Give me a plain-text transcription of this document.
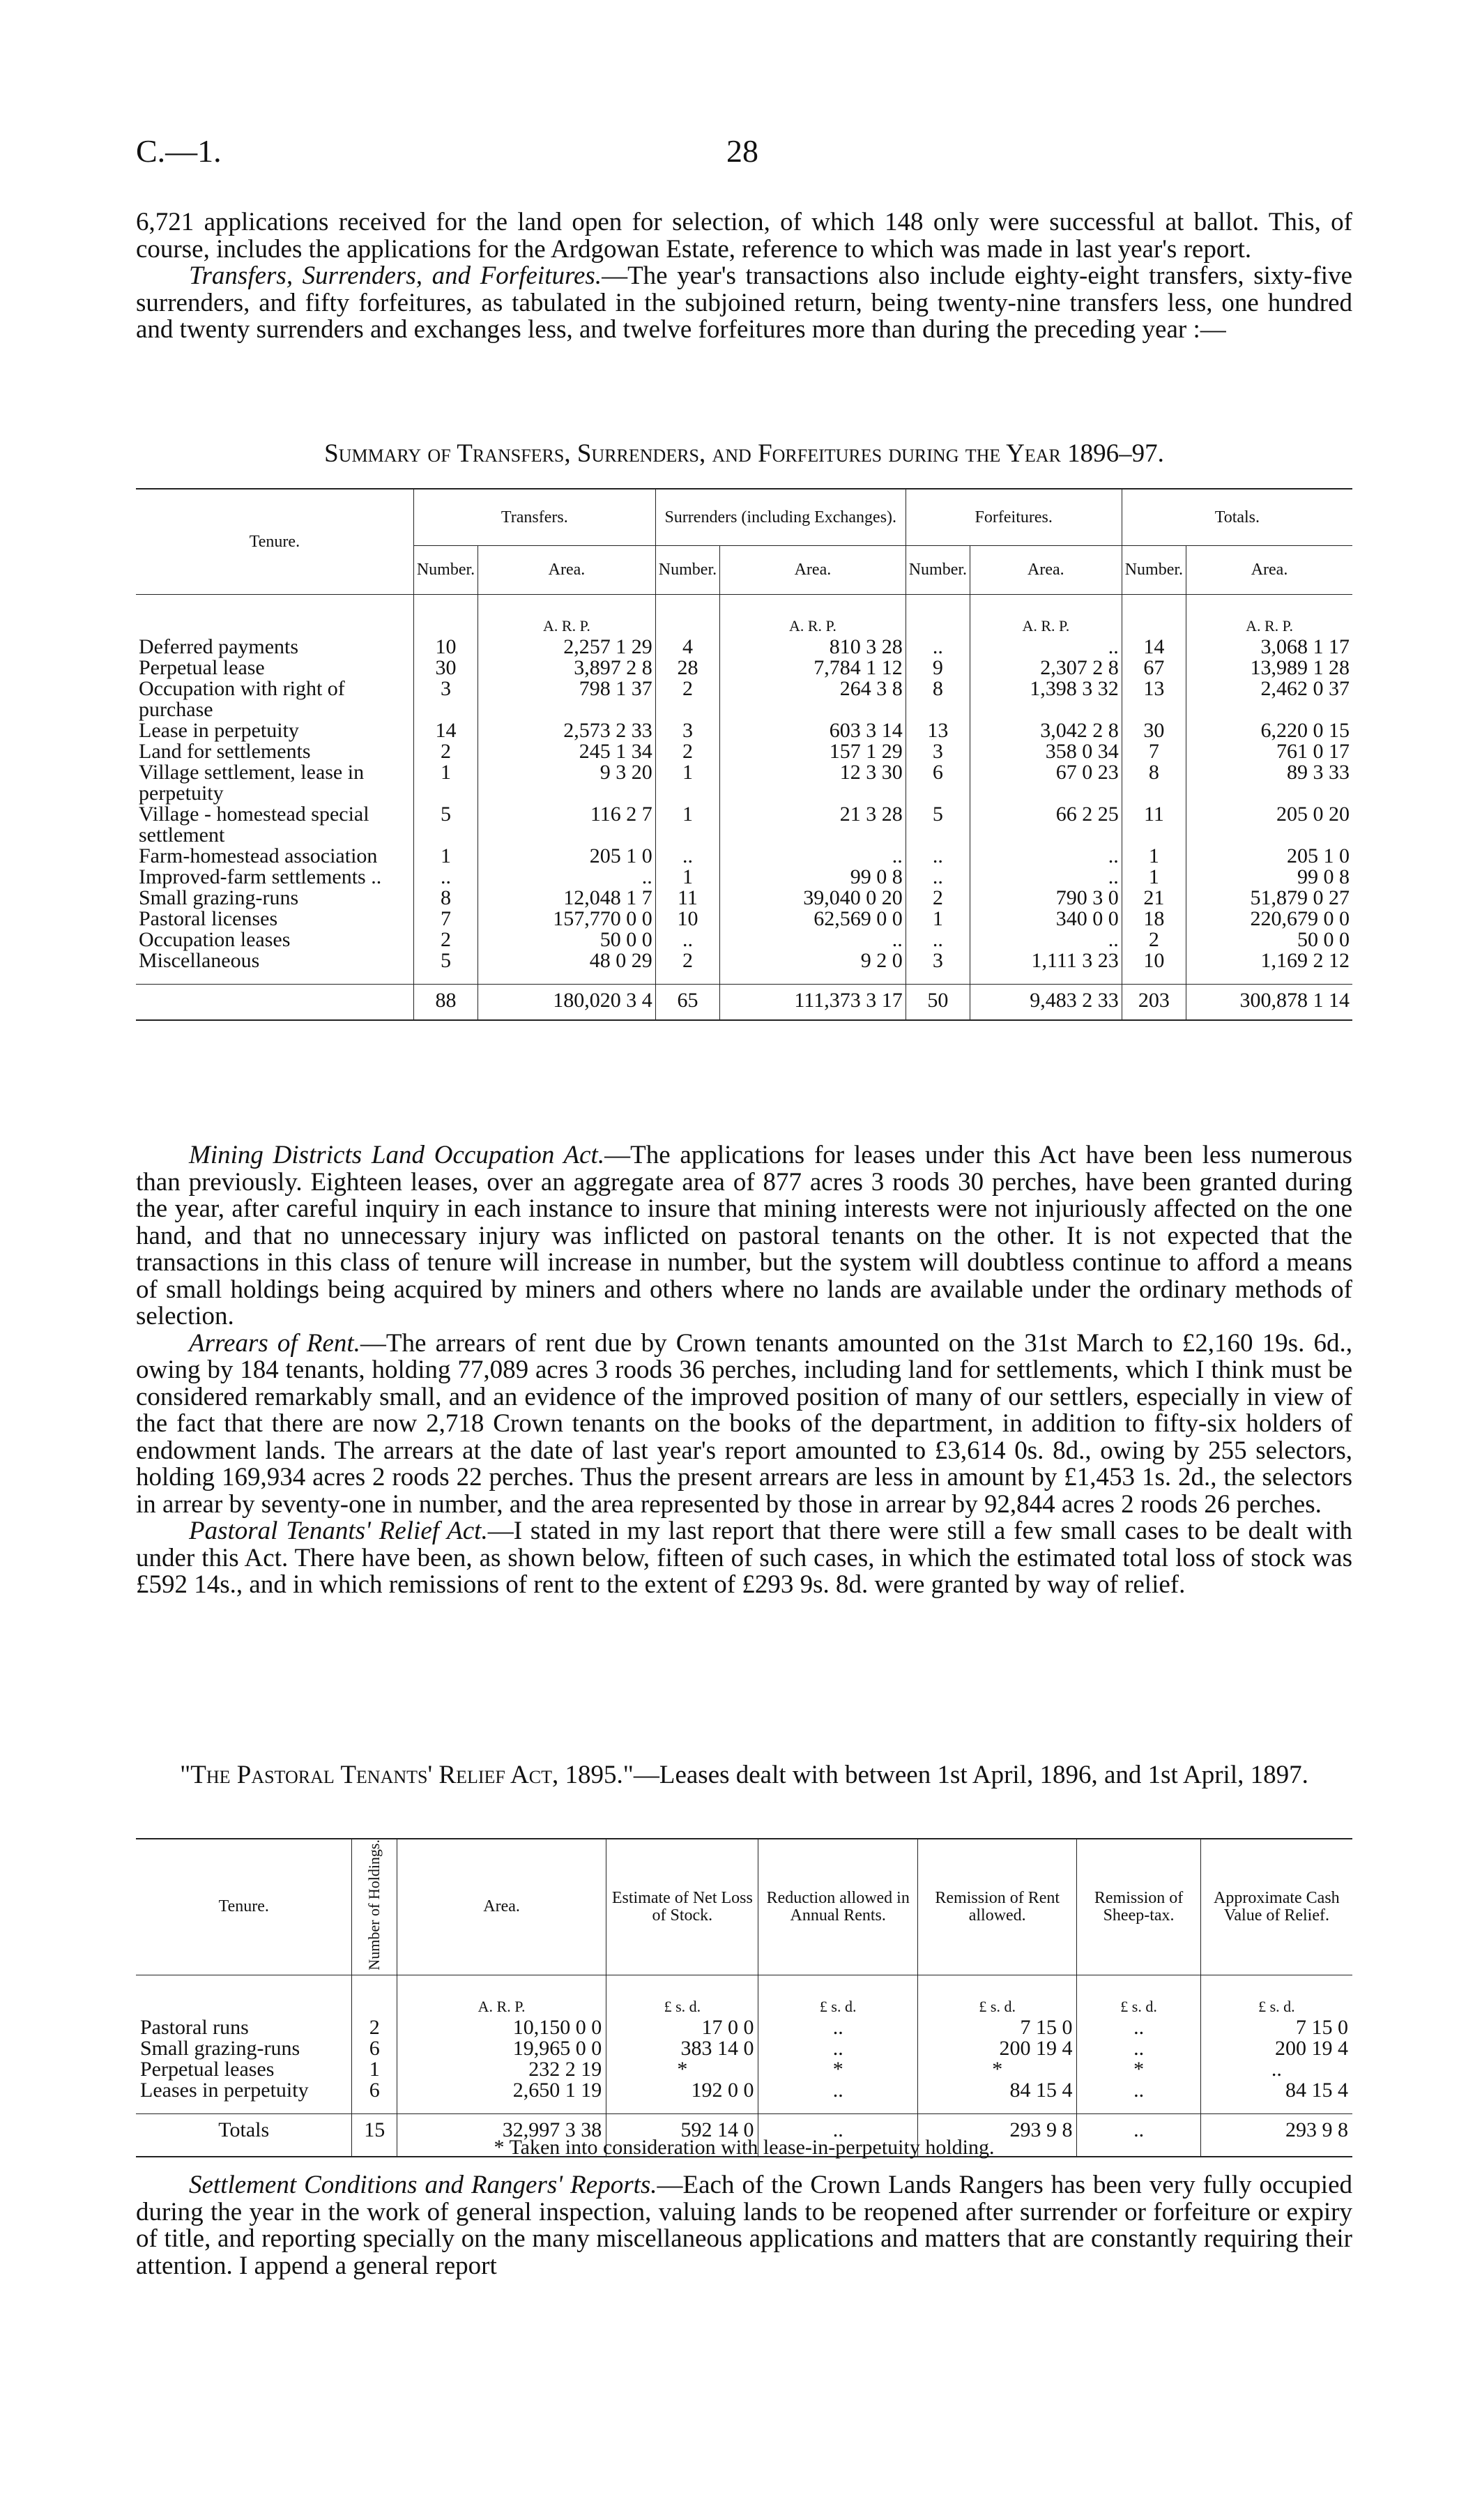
C.—1.	28

6,721 applications received for the land open for selection, of which 148 only were successful at ballot. This, of course, includes the applications for the Ardgowan Estate, reference to which was made in last year's report.

Transfers, Surrenders, and Forfeitures.—The year's transactions also include eighty-eight transfers, sixty-five surrenders, and fifty forfeitures, as tabulated in the subjoined return, being twenty-nine transfers less, one hundred and twenty surrenders and exchanges less, and twelve forfeitures more than during the preceding year :—

Summary of Transfers, Surrenders, and Forfeitures during the Year 1896–97.
Tenure.	Transfers.		Surrenders (including Exchanges).		Forfeitures.		Totals.	
	Number.	Area.	Number.	Area.	Number.	Area.	Number.	Area.
		A. R. P.		A. R. P.		A. R. P.		A. R. P.
Deferred payments	10	2,257 1 29	4	810 3 28	..	..	14	3,068 1 17
Perpetual lease	30	3,897 2 8	28	7,784 1 12	9	2,307 2 8	67	13,989 1 28
Occupation with right of purchase	3	798 1 37	2	264 3 8	8	1,398 3 32	13	2,462 0 37
Lease in perpetuity	14	2,573 2 33	3	603 3 14	13	3,042 2 8	30	6,220 0 15
Land for settlements	2	245 1 34	2	157 1 29	3	358 0 34	7	761 0 17
Village settlement, lease in perpetuity	1	9 3 20	1	12 3 30	6	67 0 23	8	89 3 33
Village - homestead special settlement	5	116 2 7	1	21 3 28	5	66 2 25	11	205 0 20
Farm-homestead association	1	205 1 0	..	..	..	..	1	205 1 0
Improved-farm settlements ..	..	..	1	99 0 8	..	..	1	99 0 8
Small grazing-runs	8	12,048 1 7	11	39,040 0 20	2	790 3 0	21	51,879 0 27
Pastoral licenses	7	157,770 0 0	10	62,569 0 0	1	340 0 0	18	220,679 0 0
Occupation leases	2	50 0 0	..	..	..	..	2	50 0 0
Miscellaneous	5	48 0 29	2	9 2 0	3	1,111 3 23	10	1,169 2 12
	88	180,020 3 4	65	111,373 3 17	50	9,483 2 33	203	300,878 1 14

Mining Districts Land Occupation Act.—The applications for leases under this Act have been less numerous than previously. Eighteen leases, over an aggregate area of 877 acres 3 roods 30 perches, have been granted during the year, after careful inquiry in each instance to insure that mining interests were not injuriously affected on the one hand, and that no unnecessary injury was inflicted on pastoral tenants on the other. It is not expected that the transactions in this class of tenure will increase in number, but the system will doubtless continue to afford a means of small holdings being acquired by miners and others where no lands are available under the ordinary methods of selection.

Arrears of Rent.—The arrears of rent due by Crown tenants amounted on the 31st March to £2,160 19s. 6d., owing by 184 tenants, holding 77,089 acres 3 roods 36 perches, including land for settlements, which I think must be considered remarkably small, and an evidence of the improved position of many of our settlers, especially in view of the fact that there are now 2,718 Crown tenants on the books of the department, in addition to fifty-six holders of endowment lands. The arrears at the date of last year's report amounted to £3,614 0s. 8d., owing by 255 selectors, holding 169,934 acres 2 roods 22 perches. Thus the present arrears are less in amount by £1,453 1s. 2d., the selectors in arrear by seventy-one in number, and the area represented by those in arrear by 92,844 acres 2 roods 26 perches.

Pastoral Tenants' Relief Act.—I stated in my last report that there were still a few small cases to be dealt with under this Act. There have been, as shown below, fifteen of such cases, in which the estimated total loss of stock was £592 14s., and in which remissions of rent to the extent of £293 9s. 8d. were granted by way of relief.

"The Pastoral Tenants' Relief Act, 1895."—Leases dealt with between 1st April, 1896, and 1st April, 1897.
Tenure.	Number of Holdings.	Area.	Estimate of Net Loss of Stock.	Reduction allowed in Annual Rents.	Remission of Rent allowed.	Remission of Sheep-tax.	Approximate Cash Value of Relief.
		A. R. P.	£ s. d.	£ s. d.	£ s. d.	£ s. d.	£ s. d.
Pastoral runs	2	10,150 0 0	17 0 0	..	7 15 0	..	7 15 0
Small grazing-runs	6	19,965 0 0	383 14 0	..	200 19 4	..	200 19 4
Perpetual leases	1	232 2 19	*	*	*	*	..
Leases in perpetuity	6	2,650 1 19	192 0 0	..	84 15 4	..	84 15 4
Totals	15	32,997 3 38	592 14 0	..	293 9 8	..	293 9 8
* Taken into consideration with lease-in-perpetuity holding.

Settlement Conditions and Rangers' Reports.—Each of the Crown Lands Rangers has been very fully occupied during the year in the work of general inspection, valuing lands to be reopened after surrender or forfeiture or expiry of title, and reporting specially on the many miscellaneous applications and matters that are constantly requiring their attention. I append a general report
